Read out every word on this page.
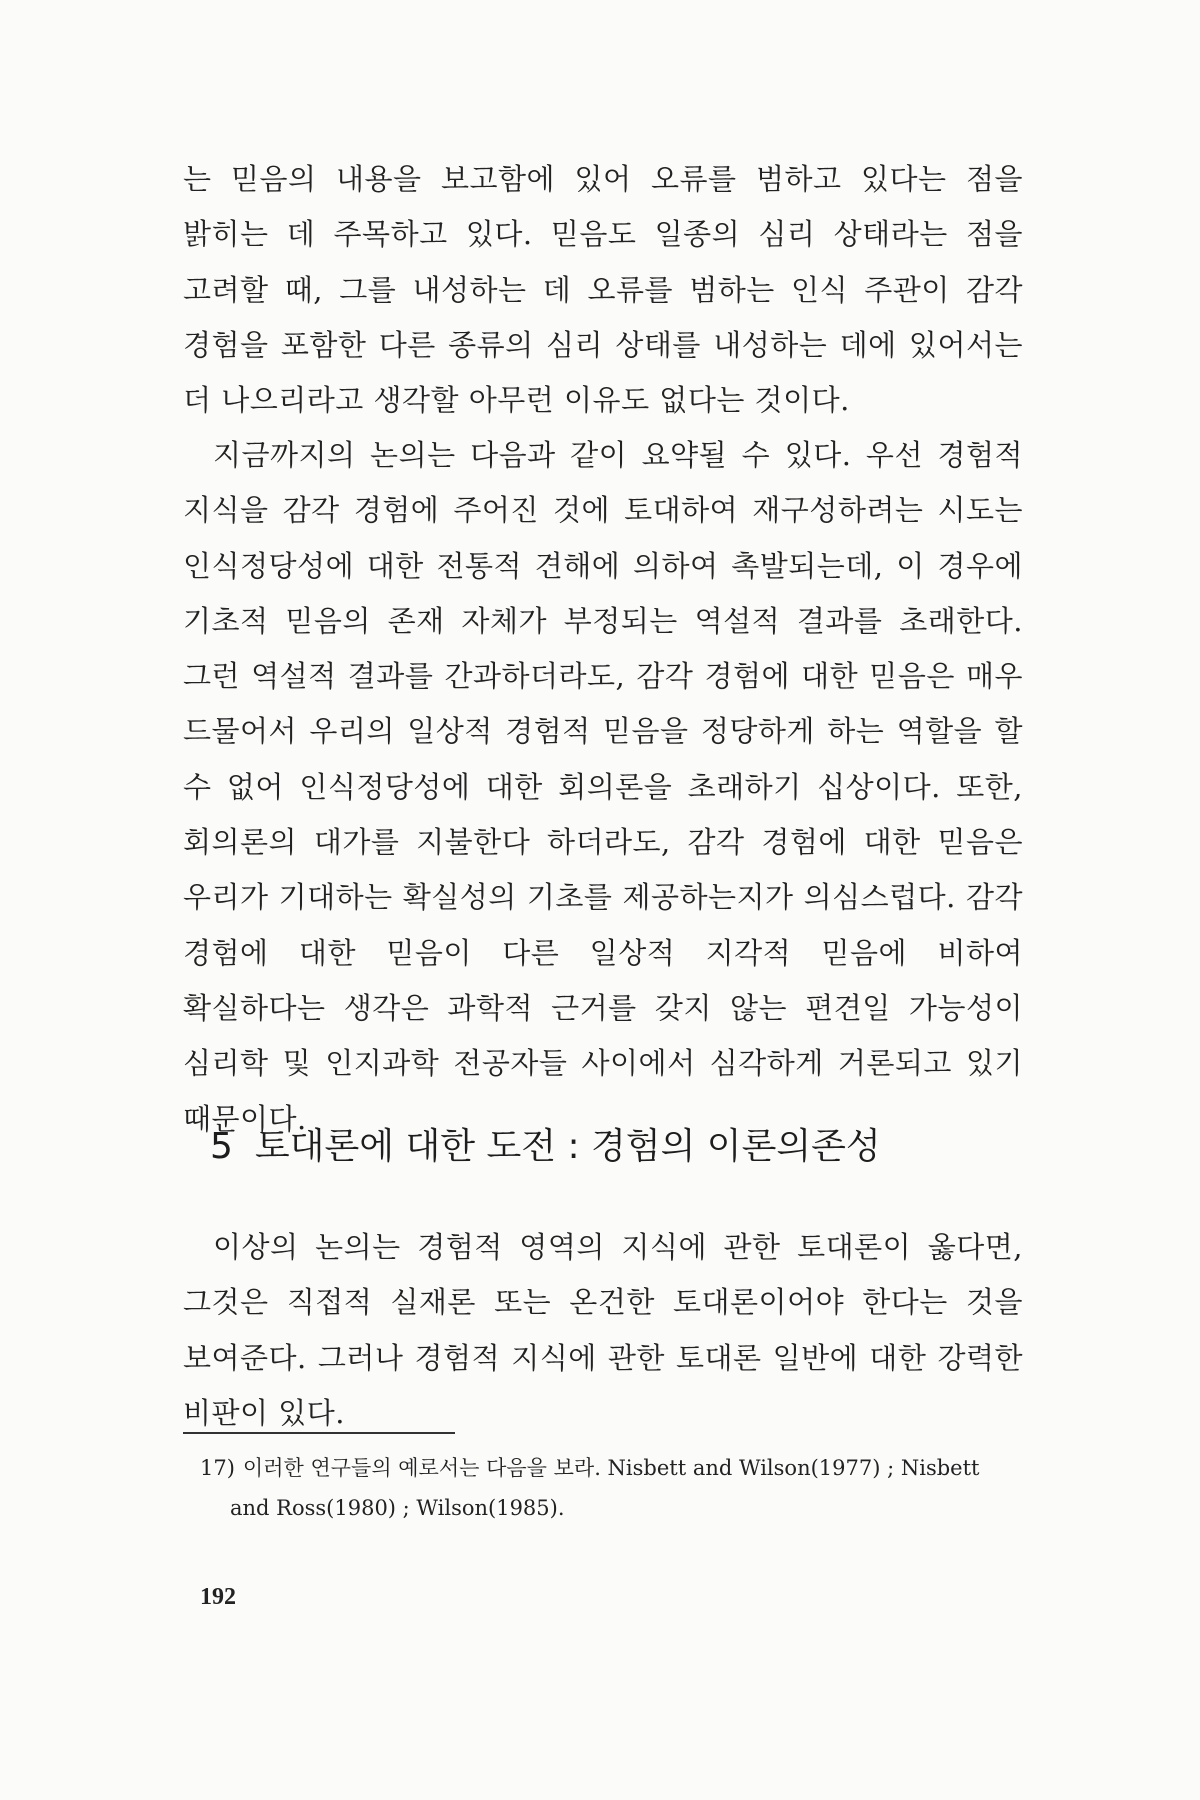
는 믿음의 내용을 보고함에 있어 오류를 범하고 있다는 점을 밝히는 데 주목하고 있다. 믿음도 일종의 심리 상태라는 점을 고려할 때, 그를 내성하는 데 오류를 범하는 인식 주관이 감각 경험을 포함한 다른 종류의 심리 상태를 내성하는 데에 있어서는 더 나으리라고 생각할 아무런 이유도 없다는 것이다.

지금까지의 논의는 다음과 같이 요약될 수 있다. 우선 경험적 지식을 감각 경험에 주어진 것에 토대하여 재구성하려는 시도는 인식정당성에 대한 전통적 견해에 의하여 촉발되는데, 이 경우에 기초적 믿음의 존재 자체가 부정되는 역설적 결과를 초래한다. 그런 역설적 결과를 간과하더라도, 감각 경험에 대한 믿음은 매우 드물어서 우리의 일상적 경험적 믿음을 정당하게 하는 역할을 할 수 없어 인식정당성에 대한 회의론을 초래하기 십상이다. 또한, 회의론의 대가를 지불한다 하더라도, 감각 경험에 대한 믿음은 우리가 기대하는 확실성의 기초를 제공하는지가 의심스럽다. 감각 경험에 대한 믿음이 다른 일상적 지각적 믿음에 비하여 확실하다는 생각은 과학적 근거를 갖지 않는 편견일 가능성이 심리학 및 인지과학 전공자들 사이에서 심각하게 거론되고 있기 때문이다.

5 토대론에 대한 도전 : 경험의 이론의존성

이상의 논의는 경험적 영역의 지식에 관한 토대론이 옳다면, 그것은 직접적 실재론 또는 온건한 토대론이어야 한다는 것을 보여준다. 그러나 경험적 지식에 관한 토대론 일반에 대한 강력한 비판이 있다.

17) 이러한 연구들의 예로서는 다음을 보라. Nisbett and Wilson(1977) ; Nisbett
and Ross(1980) ; Wilson(1985).

192
